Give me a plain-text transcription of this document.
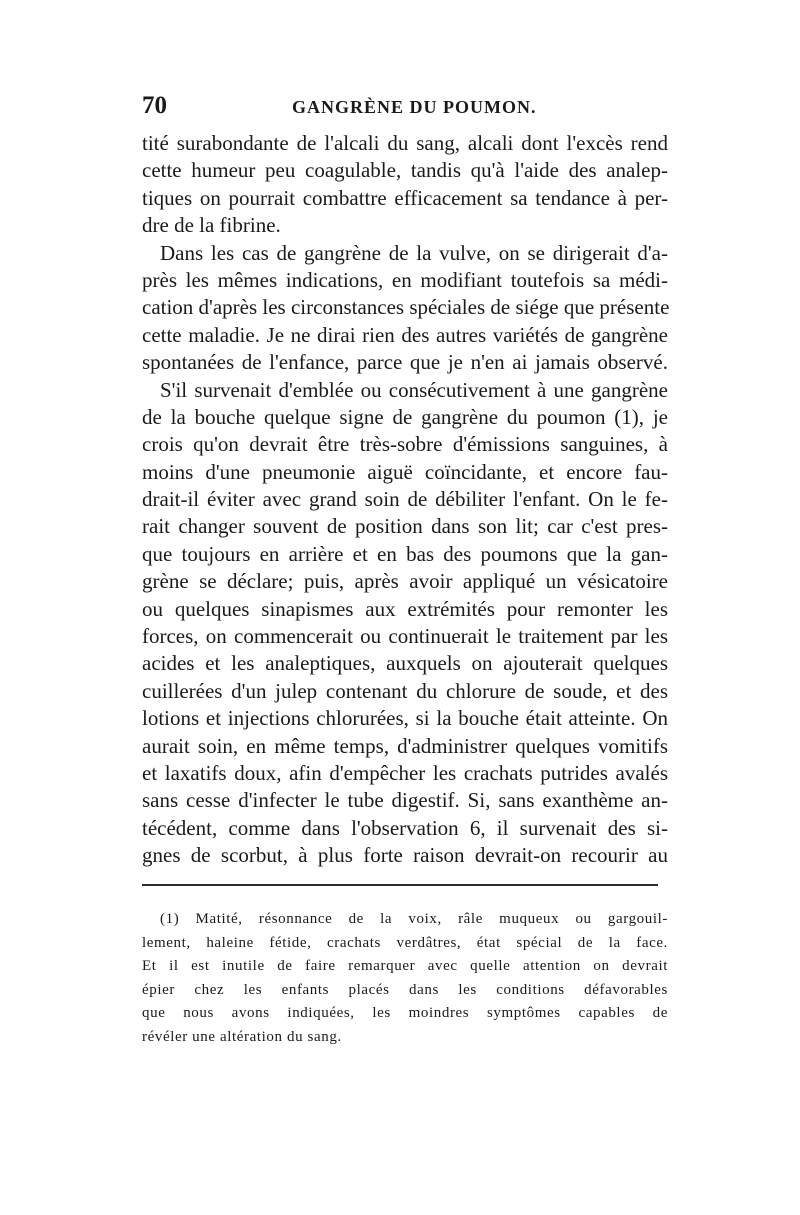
70	GANGRÈNE DU POUMON.
tité surabondante de l'alcali du sang, alcali dont l'excès rend
cette humeur peu coagulable, tandis qu'à l'aide des analep-
tiques on pourrait combattre efficacement sa tendance à per-
dre de la fibrine.
Dans les cas de gangrène de la vulve, on se dirigerait d'a-
près les mêmes indications, en modifiant toutefois sa médi-
cation d'après les circonstances spéciales de siége que présente
cette maladie. Je ne dirai rien des autres variétés de gangrène
spontanées de l'enfance, parce que je n'en ai jamais observé.
S'il survenait d'emblée ou consécutivement à une gangrène
de la bouche quelque signe de gangrène du poumon (1), je
crois qu'on devrait être très-sobre d'émissions sanguines, à
moins d'une pneumonie aiguë coïncidante, et encore fau-
drait-il éviter avec grand soin de débiliter l'enfant. On le fe-
rait changer souvent de position dans son lit; car c'est pres-
que toujours en arrière et en bas des poumons que la gan-
grène se déclare; puis, après avoir appliqué un vésicatoire
ou quelques sinapismes aux extrémités pour remonter les
forces, on commencerait ou continuerait le traitement par les
acides et les analeptiques, auxquels on ajouterait quelques
cuillerées d'un julep contenant du chlorure de soude, et des
lotions et injections chlorurées, si la bouche était atteinte. On
aurait soin, en même temps, d'administrer quelques vomitifs
et laxatifs doux, afin d'empêcher les crachats putrides avalés
sans cesse d'infecter le tube digestif. Si, sans exanthème an-
técédent, comme dans l'observation 6, il survenait des si-
gnes de scorbut, à plus forte raison devrait-on recourir au
(1) Matité, résonnance de la voix, râle muqueux ou gargouil-
lement, haleine fétide, crachats verdâtres, état spécial de la face.
Et il est inutile de faire remarquer avec quelle attention on devrait
épier chez les enfants placés dans les conditions défavorables
que nous avons indiquées, les moindres symptômes capables de
révéler une altération du sang.
